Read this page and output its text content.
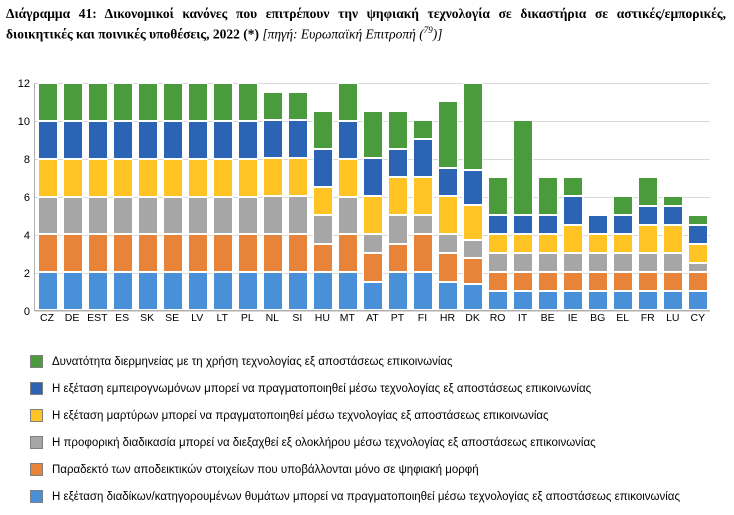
Διάγραμμα 41: Δικονομικοί κανόνες που επιτρέπουν την ψηφιακή τεχνολογία σε δικαστήρια σε αστικές/εμπορικές, διοικητικές και ποινικές υποθέσεις, 2022 (*) [πηγή: Ευρωπαϊκή Επιτροπή ($^{79}$)]
0
2
4
6
8
10
12
CZ DE EST ES SK SE	LV	LT	PL	NL	SI	HU MT	AT	PT	FI	HR DK RO	IT	BE	IE	BG	EL	FR	LU	CY
Δυνατότητα διερμηνείας με τη χρήση τεχνολογίας εξ αποστάσεως επικοινωνίας
Η εξέταση εμπειρογνωμόνων μπορεί να πραγματοποιηθεί μέσω τεχνολογίας εξ αποστάσεως επικοινωνίας
Η εξέταση μαρτύρων μπορεί να πραγματοποιηθεί μέσω τεχνολογίας εξ αποστάσεως επικοινωνίας
Η προφορική διαδικασία μπορεί να διεξαχθεί εξ ολοκλήρου μέσω τεχνολογίας εξ αποστάσεως επικοινωνίας
Παραδεκτό των αποδεικτικών στοιχείων που υποβάλλονται μόνο σε ψηφιακή μορφή
Η εξέταση διαδίκων/κατηγορουμένων θυμάτων μπορεί να πραγματοποιηθεί μέσω τεχνολογίας εξ αποστάσεως επικοινωνίας
